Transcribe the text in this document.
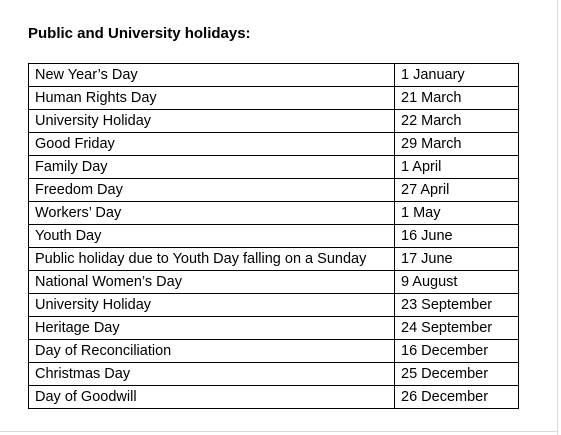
Public and University holidays:
New Year’s Day	1 January
Human Rights Day	21 March
University Holiday	22 March
Good Friday	29 March
Family Day	1 April
Freedom Day	27 April
Workers’ Day	1 May
Youth Day	16 June
Public holiday due to Youth Day falling on a Sunday	17 June
National Women’s Day	9 August
University Holiday	23 September
Heritage Day	24 September
Day of Reconciliation	16 December
Christmas Day	25 December
Day of Goodwill	26 December
